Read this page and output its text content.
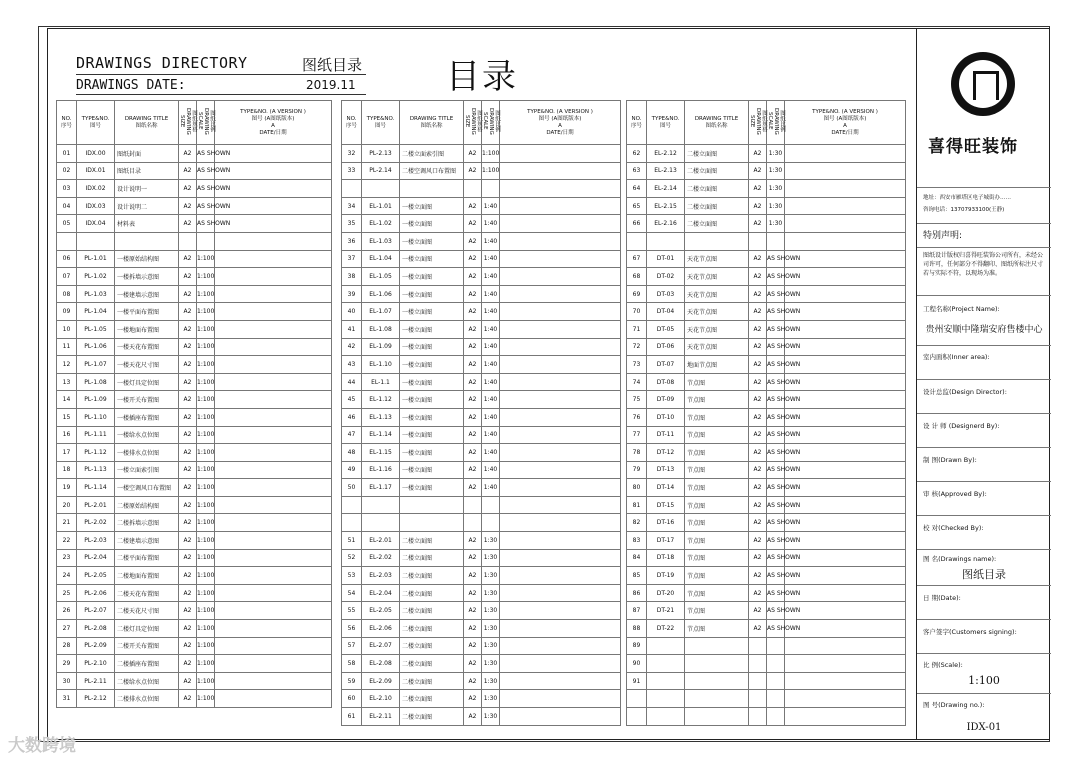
DRAWINGS DIRECTORY	图纸目录
DRAWINGS DATE:	2019.11	目录
NO.
序号	TYPE&NO.
图号	DRAWING TITLE
图纸名称	图纸规格 DRAWING SIZE	图纸比例 DRAWING SCALE	TYPE&NO. (A VERSION )
图号 (A图纸版本)
A
DATE/日期
01	IDX.00	图纸封面	A2	AS SHOWN	
02	IDX.01	图纸目录	A2	AS SHOWN	
03	IDX.02	设计说明一	A2	AS SHOWN	
04	IDX.03	设计说明二	A2	AS SHOWN	
05	IDX.04	材料表	A2	AS SHOWN	

06	PL-1.01	一楼原始结构图	A2	1:100	
07	PL-1.02	一楼拆墙示意图	A2	1:100	
08	PL-1.03	一楼建墙示意图	A2	1:100	
09	PL-1.04	一楼平面布置图	A2	1:100	
10	PL-1.05	一楼地面布置图	A2	1:100	
11	PL-1.06	一楼天花布置图	A2	1:100	
12	PL-1.07	一楼天花尺寸图	A2	1:100	
13	PL-1.08	一楼灯具定位图	A2	1:100	
14	PL-1.09	一楼开关布置图	A2	1:100	
15	PL-1.10	一楼插座布置图	A2	1:100	
16	PL-1.11	一楼给水点位图	A2	1:100	
17	PL-1.12	一楼排水点位图	A2	1:100	
18	PL-1.13	一楼立面索引图	A2	1:100	
19	PL-1.14	一楼空调风口布置图	A2	1:100	
20	PL-2.01	二楼原始结构图	A2	1:100	
21	PL-2.02	二楼拆墙示意图	A2	1:100	
22	PL-2.03	二楼建墙示意图	A2	1:100	
23	PL-2.04	二楼平面布置图	A2	1:100	
24	PL-2.05	二楼地面布置图	A2	1:100	
25	PL-2.06	二楼天花布置图	A2	1:100	
26	PL-2.07	二楼天花尺寸图	A2	1:100	
27	PL-2.08	二楼灯具定位图	A2	1:100	
28	PL-2.09	二楼开关布置图	A2	1:100	
29	PL-2.10	二楼插座布置图	A2	1:100	
30	PL-2.11	二楼给水点位图	A2	1:100	
31	PL-2.12	二楼排水点位图	A2	1:100	
NO.
序号	TYPE&NO.
图号	DRAWING TITLE
图纸名称	图纸规格 DRAWING SIZE	图纸比例 DRAWING SCALE	TYPE&NO. (A VERSION )
图号 (A图纸版本)
A
DATE/日期
32	PL-2.13	二楼立面索引图	A2	1:100	
33	PL-2.14	二楼空调风口布置图	A2	1:100	

34	EL-1.01	一楼立面图	A2	1:40	
35	EL-1.02	一楼立面图	A2	1:40	
36	EL-1.03	一楼立面图	A2	1:40	
37	EL-1.04	一楼立面图	A2	1:40	
38	EL-1.05	一楼立面图	A2	1:40	
39	EL-1.06	一楼立面图	A2	1:40	
40	EL-1.07	一楼立面图	A2	1:40	
41	EL-1.08	一楼立面图	A2	1:40	
42	EL-1.09	一楼立面图	A2	1:40	
43	EL-1.10	一楼立面图	A2	1:40	
44	EL-1.1	一楼立面图	A2	1:40	
45	EL-1.12	一楼立面图	A2	1:40	
46	EL-1.13	一楼立面图	A2	1:40	
47	EL-1.14	一楼立面图	A2	1:40	
48	EL-1.15	一楼立面图	A2	1:40	
49	EL-1.16	一楼立面图	A2	1:40	
50	EL-1.17	一楼立面图	A2	1:40	

51	EL-2.01	二楼立面图	A2	1:30	
52	EL-2.02	二楼立面图	A2	1:30	
53	EL-2.03	二楼立面图	A2	1:30	
54	EL-2.04	二楼立面图	A2	1:30	
55	EL-2.05	二楼立面图	A2	1:30	
56	EL-2.06	二楼立面图	A2	1:30	
57	EL-2.07	二楼立面图	A2	1:30	
58	EL-2.08	二楼立面图	A2	1:30	
59	EL-2.09	二楼立面图	A2	1:30	
60	EL-2.10	二楼立面图	A2	1:30	
61	EL-2.11	二楼立面图	A2	1:30	
NO.
序号	TYPE&NO.
图号	DRAWING TITLE
图纸名称	图纸规格 DRAWING SIZE	图纸比例 DRAWING SCALE	TYPE&NO. (A VERSION )
图号 (A图纸版本)
A
DATE/日期
62	EL-2.12	二楼立面图	A2	1:30	
63	EL-2.13	二楼立面图	A2	1:30	
64	EL-2.14	二楼立面图	A2	1:30	
65	EL-2.15	二楼立面图	A2	1:30	
66	EL-2.16	二楼立面图	A2	1:30	

67	DT-01	天花节点图	A2	AS SHOWN	
68	DT-02	天花节点图	A2	AS SHOWN	
69	DT-03	天花节点图	A2	AS SHOWN	
70	DT-04	天花节点图	A2	AS SHOWN	
71	DT-05	天花节点图	A2	AS SHOWN	
72	DT-06	天花节点图	A2	AS SHOWN	
73	DT-07	地面节点图	A2	AS SHOWN	
74	DT-08	节点图	A2	AS SHOWN	
75	DT-09	节点图	A2	AS SHOWN	
76	DT-10	节点图	A2	AS SHOWN	
77	DT-11	节点图	A2	AS SHOWN	
78	DT-12	节点图	A2	AS SHOWN	
79	DT-13	节点图	A2	AS SHOWN	
80	DT-14	节点图	A2	AS SHOWN	
81	DT-15	节点图	A2	AS SHOWN	
82	DT-16	节点图	A2	AS SHOWN	
83	DT-17	节点图	A2	AS SHOWN	
84	DT-18	节点图	A2	AS SHOWN	
85	DT-19	节点图	A2	AS SHOWN	
86	DT-20	节点图	A2	AS SHOWN	
87	DT-21	节点图	A2	AS SHOWN	
88	DT-22	节点图	A2	AS SHOWN	
89					
90					
91					

地址：西安市雁塔区电子城街办……
咨询电话：13707933100(王静)
特别声明:
图纸设计版权归喜得旺装饰公司所有，未经公司许可，任何部分不得翻印、图纸所标注尺寸若与实际不符，以现场为准。
工程名称(Project Name):
贵州安顺中隆瑞安府售楼中心
室内面积(Inner area):
设计总监(Design Director):
设 计 师 (Designerd By):
制 图(Drawn By):
审 核(Approved By):
校 对(Checked By):
图 名(Drawings name):
图纸目录
日 期(Date):
客户签字(Customers signing):
比 例(Scale):
1:100
图 号(Drawing no.):
IDX-01
喜得旺装饰
大数跨境
